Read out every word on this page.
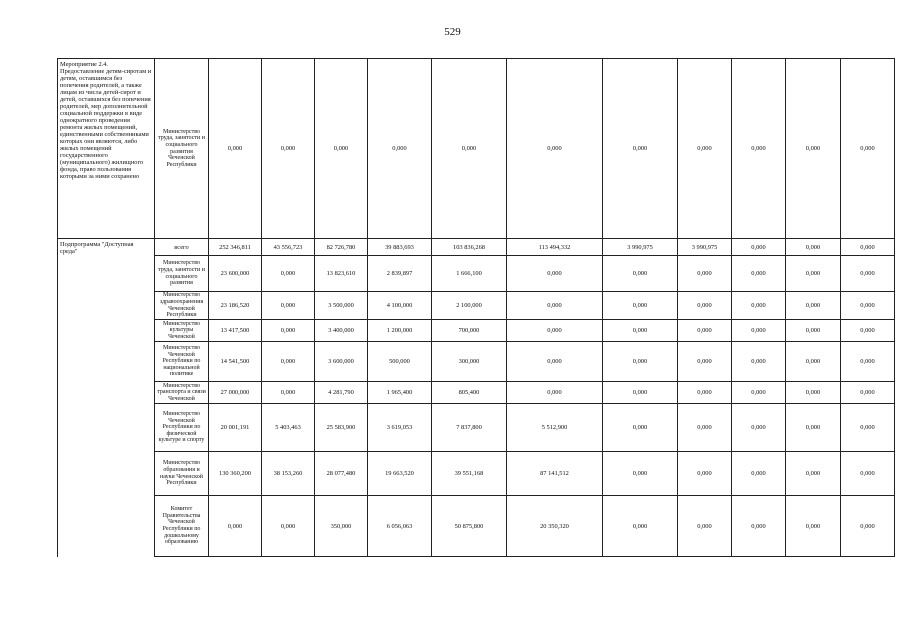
529
Мероприятие 2.4. Предоставление детям-сиротам и детям, оставшимся без попечения родителей, а также лицам из числа детей-сирот и детей, оставшихся без попечения родителей, мер дополнительной социальной поддержки в виде однократного проведения ремонта жилых помещений, единственными собственниками которых они являются, либо жилых помещений государственного (муниципального) жилищного фонда, право пользования которыми за ними сохранено	Министерство труда, занятости и социального развития Чеченской Республики	0,000	0,000	0,000	0,000	0,000	0,000	0,000	0,000	0,000	0,000	0,000
Подпрограмма "Доступная среда"	всего	252 346,811	43 556,723	82 726,780	39 883,693	103 836,268	113 494,332	3 990,975	3 990,975	0,000	0,000	0,000
	Министерство труда, занятости и социального развития	23 600,000	0,000	13 823,610	2 839,897	1 666,100	0,000	0,000	0,000	0,000	0,000	0,000
	Министерство здравоохранения Чеченской Республики	23 186,520	0,000	3 500,000	4 100,000	2 100,000	0,000	0,000	0,000	0,000	0,000	0,000
	Министерство культуры Чеченской	13 417,500	0,000	3 400,000	1 200,000	700,000	0,000	0,000	0,000	0,000	0,000	0,000
	Министерство Чеченской Республики по национальной политике	14 541,500	0,000	3 600,000	500,000	300,000	0,000	0,000	0,000	0,000	0,000	0,000
	Министерство транспорта и связи Чеченской	27 000,000	0,000	4 281,790	1 965,400	805,400	0,000	0,000	0,000	0,000	0,000	0,000
	Министерство Чеченской Республики по физической культуре и спорту	20 001,191	5 403,463	25 583,900	3 619,053	7 837,800	5 512,900	0,000	0,000	0,000	0,000	0,000
	Министерство образования и науки Чеченской Республики	130 360,200	38 153,260	28 077,480	19 663,520	39 551,168	87 141,512	0,000	0,000	0,000	0,000	0,000
	Комитет Правительства Чеченской Республики по дошкольному образованию	0,000	0,000	350,000	6 056,063	50 875,800	20 350,320	0,000	0,000	0,000	0,000	0,000
